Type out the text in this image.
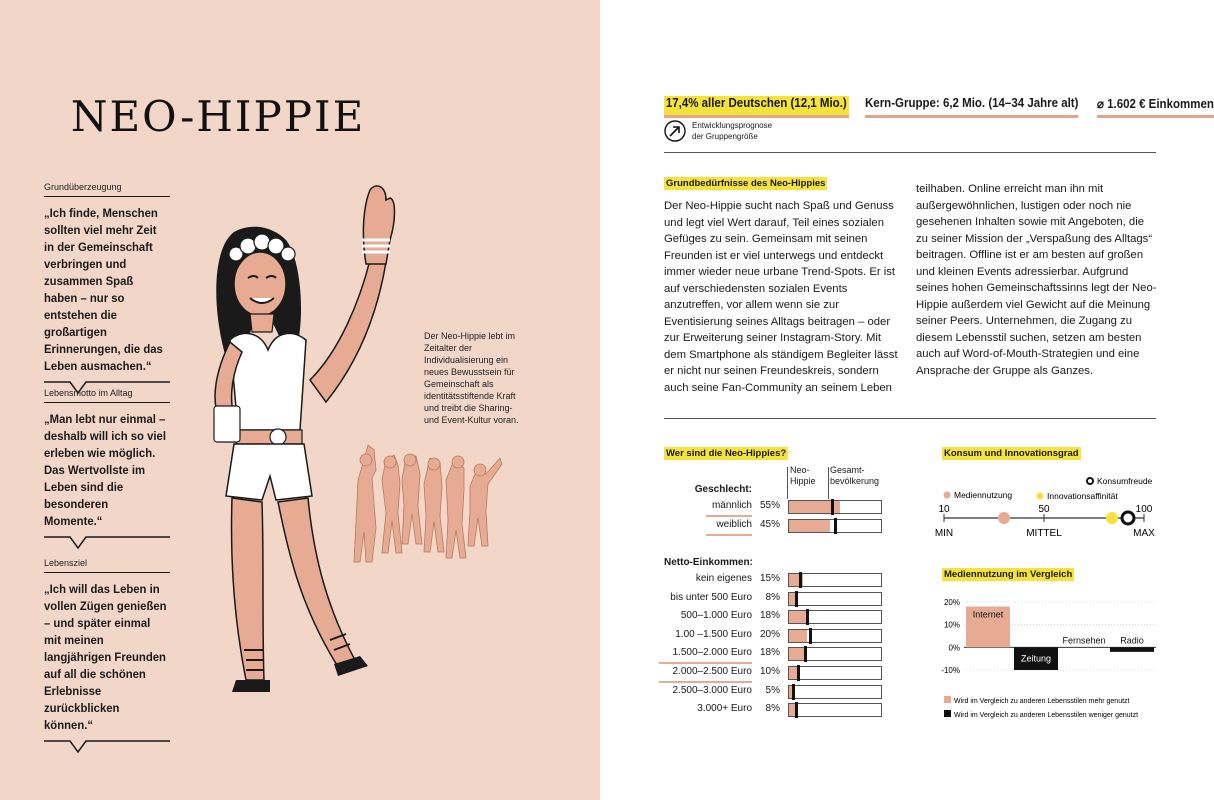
NEO-HIPPIE
Grundüberzeugung
„Ich finde, Menschen sollten viel mehr Zeit in der Gemeinschaft verbringen und zusammen Spaß haben – nur so entstehen die großartigen Erinnerungen, die das Leben ausmachen.“
Lebensmotto im Alltag
„Man lebt nur einmal – deshalb will ich so viel erleben wie möglich. Das Wertvollste im Leben sind die besonderen Momente.“
Lebensziel
„Ich will das Leben in vollen Zügen genießen – und später einmal mit meinen langjährigen Freunden auf all die schönen Erlebnisse zurückblicken können.“
Der Neo-Hippie lebt im Zeitalter der Individualisierung ein neues Bewusstsein für Gemeinschaft als identitätsstiftende Kraft und treibt die Sharing- und Event-Kultur voran.
17,4% aller Deutschen (12,1 Mio.) Kern-Gruppe: 6,2 Mio. (14–34 Jahre alt) ⌀ 1.602 € Einkommen
Entwicklungsprognose
der Gruppengröße
Grundbedürfnisse des Neo-Hippies
Der Neo-Hippie sucht nach Spaß und Genuss und legt viel Wert darauf, Teil eines sozialen Gefüges zu sein. Gemeinsam mit seinen Freunden ist er viel unterwegs und entdeckt immer wieder neue urbane Trend-Spots. Er ist auf verschiedensten sozialen Events anzutreffen, vor allem wenn sie zur Eventisierung seines Alltags beitragen – oder zur Erweiterung seiner Instagram-Story. Mit dem Smartphone als ständigem Begleiter lässt er nicht nur seinen Freundeskreis, sondern auch seine Fan-Community an seinem Leben
teilhaben. Online erreicht man ihn mit außergewöhnlichen, lustigen oder noch nie gesehenen Inhalten sowie mit Angeboten, die zu seiner Mission der „Verspaßung des Alltags“ beitragen. Offline ist er am besten auf großen und kleinen Events adressierbar. Aufgrund seines hohen Gemeinschaftssinns legt der Neo-Hippie außerdem viel Gewicht auf die Meinung seiner Peers. Unternehmen, die Zugang zu diesem Lebensstil suchen, setzen am besten auch auf Word-of-Mouth-Strategien und eine Ansprache der Gruppe als Ganzes.
Wer sind die Neo-Hippies?
Neo-Hippie
Gesamt-bevölkerung
Geschlecht:
Netto-Einkommen:
männlich 55%
weiblich 45%
kein eigenes 15%
bis unter 500 Euro	8%
500–1.000 Euro 18%
1.00 –1.500 Euro 20%
1.500–2.000 Euro 18%
2.000–2.500 Euro 10%
2.500–3.000 Euro	5%
3.000+ Euro	8%
Konsum und Innovationsgrad
10	50	100
MIN	MITTEL	MAX
Mediennutzung	Innovationsaffinität
Konsumfreude
Mediennutzung im Vergleich
20%
10%
0%
-10%
Internet
Zeitung
Fernsehen Radio
Wird im Vergleich zu anderen Lebensstilen mehr genutzt
Wird im Vergleich zu anderen Lebensstilen weniger genutzt
